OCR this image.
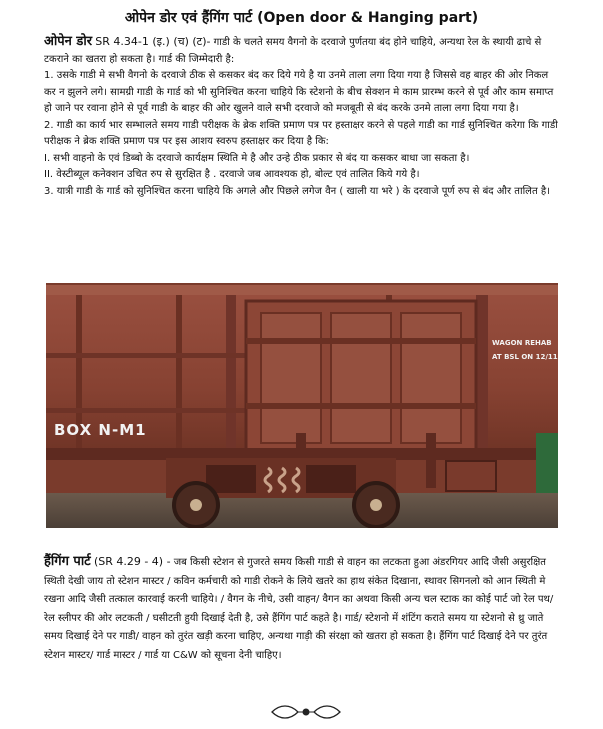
ओपेन डोर एवं हैंगिंग पार्ट (Open door & Hanging part)

ओपेन डोर SR 4.34-1 (इ.) (च) (ट)- गाडी के चलते समय वैगनो के दरवाजे पुर्णतया बंद होने चाहिये, अन्यथा रेल के स्थायी ढाचे से टकराने का खतरा हो सकता है। गार्ड की जिम्मेदारी है:

1. उसके गाडी मे सभी वैगनो के दरवाजे ठीक से कसकर बंद कर दिये गये है या उनमे ताला लगा दिया गया है जिससे वह बाहर की ओर निकल कर न झुलने लगे। सामग्री गाडी के गार्ड को भी सुनिश्चित करना चाहिये कि स्टेशनो के बीच सेक्शन मे काम प्रारम्भ करने से पूर्व और काम समाप्त हो जाने पर रवाना होने से पूर्व गाडी के बाहर की ओर खुलने वाले सभी दरवाजे को मजबूती से बंद करके उनमे ताला लगा दिया गया है।

2. गाडी का कार्य भार सम्भालते समय गाडी परीक्षक के ब्रेक शक्ति प्रमाण पत्र पर हस्ताक्षर करने से पहले गाडी का गार्ड सुनिश्चित करेगा कि गाडी परीक्षक ने ब्रेक शक्ति प्रमाण पत्र पर इस आशय स्वरुप हस्ताक्षर कर दिया है कि:

I. सभी वाहनो के एवं डिब्बो के दरवाजे कार्यक्षम स्थिति मे है और उन्हे ठीक प्रकार से बंद या कसकर बाधा जा सकता है।

II. वेस्टीब्यूल कनेक्शन उचित रुप से सुरक्षित है . दरवाजे जब आवश्यक हो, बोल्ट एवं तालित किये गये है।

3. यात्री गाडी के गार्ड को सुनिश्चित करना चाहिये कि अगले और पिछले लगेज वैन ( खाली या भरे ) के दरवाजे पूर्ण रुप से बंद और तालित है।

BOX N-M1
WAGON REHAB
AT BSL ON 12/11

हैंगिंग पार्ट (SR 4.29 - 4) - जब किसी स्टेशन से गुजरते समय किसी गाडी से वाहन का लटकता हुआ अंडरगियर आदि जैसी असुरक्षित स्थिती देखी जाय तो स्टेशन मास्टर / कविन कर्मचारी को गाडी रोकने के लिये खतरे का हाथ संकेत दिखाना, स्थावर सिगनलो को आन स्थिती मे रखना आदि जैसी तत्काल कारवाई करनी चाहिये। / वैगन के नीचे, उसी वाहन/ वैगन का अथवा किसी अन्य चल स्टाक का कोई पार्ट जो रेल पथ/ रेल स्लीपर की ओर लटकती / घसीटती हुयी दिखाई देती है, उसे हैंगिंग पार्ट कहते है। गार्ड/ स्टेशनो में शंटिंग कराते समय या स्टेशनो से थ्रु जाते समय दिखाई देने पर गाडी/ वाहन को तुरंत खड़ी करना चाहिए, अन्यथा गाड़ी की संरक्षा को खतरा हो सकता है। हैंगिंग पार्ट दिखाई देने पर तुरंत स्टेशन मास्टर/ गार्ड मास्टर / गार्ड या C&W को सूचना देनी चाहिए।
